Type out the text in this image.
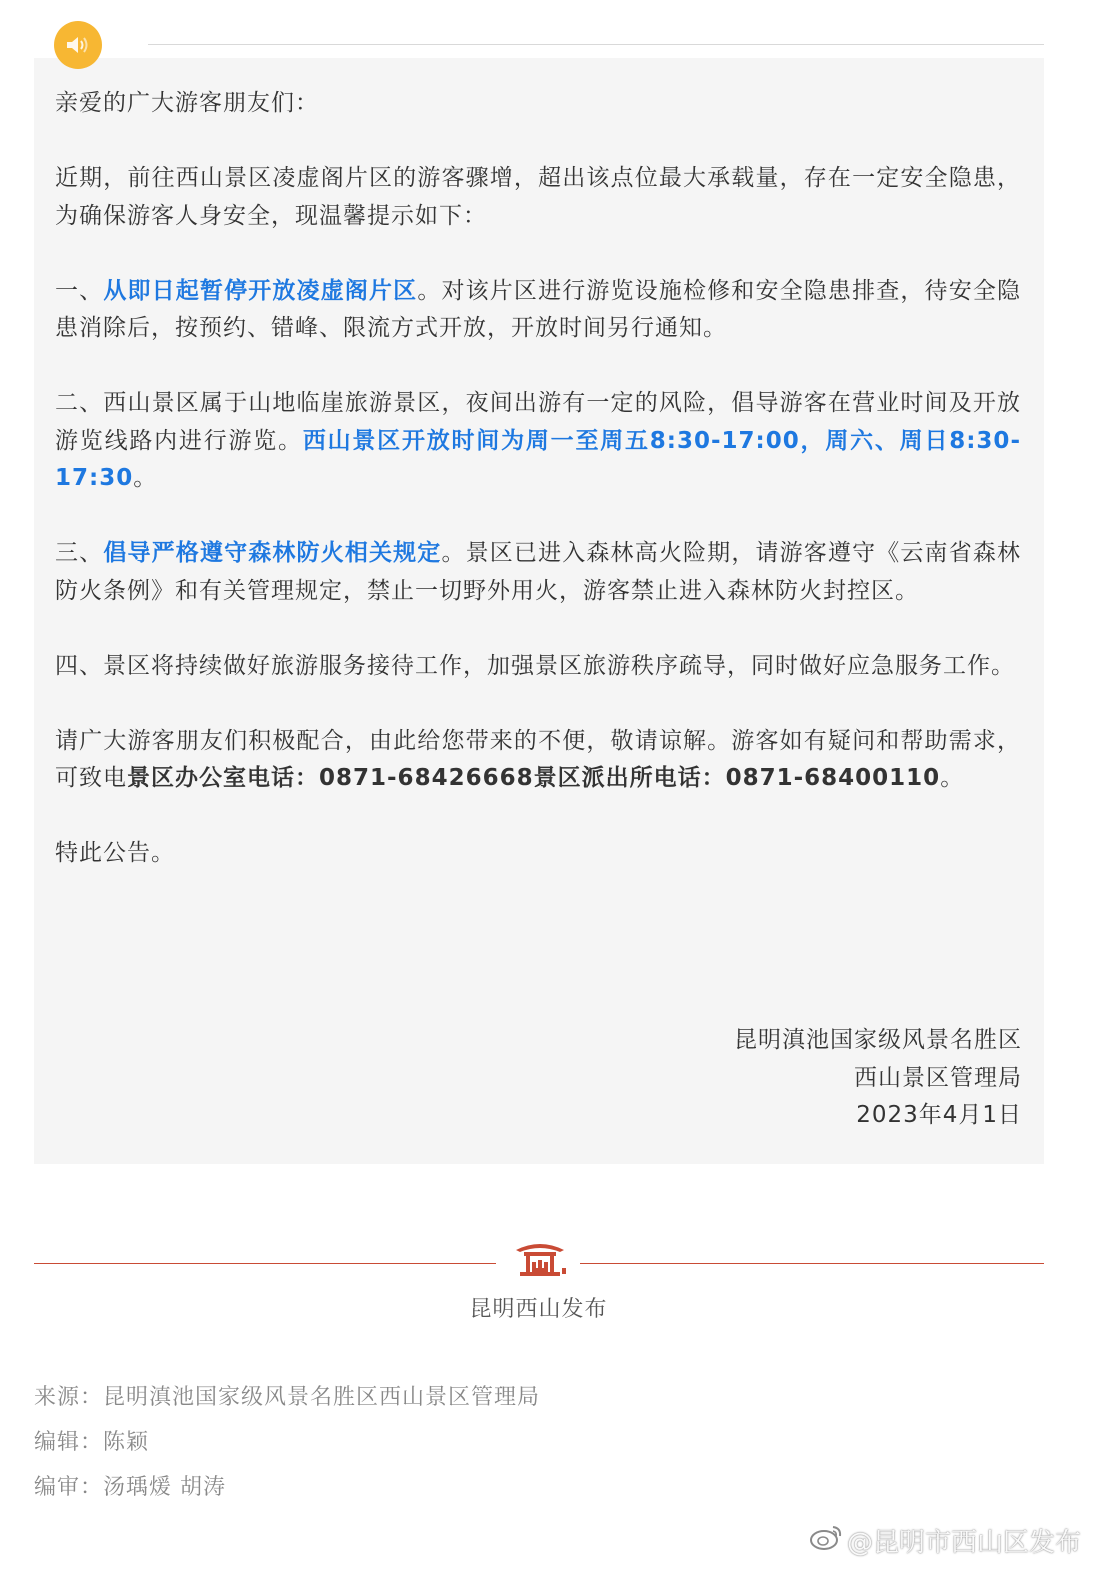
亲爱的广大游客朋友们：

近期，前往西山景区凌虚阁片区的游客骤增，超出该点位最大承载量，存在一定安全隐患，为确保游客人身安全，现温馨提示如下：

一、从即日起暂停开放凌虚阁片区。对该片区进行游览设施检修和安全隐患排查，待安全隐患消除后，按预约、错峰、限流方式开放，开放时间另行通知。

二、西山景区属于山地临崖旅游景区，夜间出游有一定的风险，倡导游客在营业时间及开放游览线路内进行游览。西山景区开放时间为周一至周五8:30-17:00，周六、周日8:30-17:30。

三、倡导严格遵守森林防火相关规定。景区已进入森林高火险期，请游客遵守《云南省森林防火条例》和有关管理规定，禁止一切野外用火，游客禁止进入森林防火封控区。

四、景区将持续做好旅游服务接待工作，加强景区旅游秩序疏导，同时做好应急服务工作。

请广大游客朋友们积极配合，由此给您带来的不便，敬请谅解。游客如有疑问和帮助需求，可致电景区办公室电话：0871-68426668景区派出所电话：0871-68400110。

特此公告。

昆明滇池国家级风景名胜区
西山景区管理局
2023年4月1日
昆明西山发布
来源：昆明滇池国家级风景名胜区西山景区管理局
编辑：陈颖
编审：汤瑀煖 胡涛
@昆明市西山区发布
